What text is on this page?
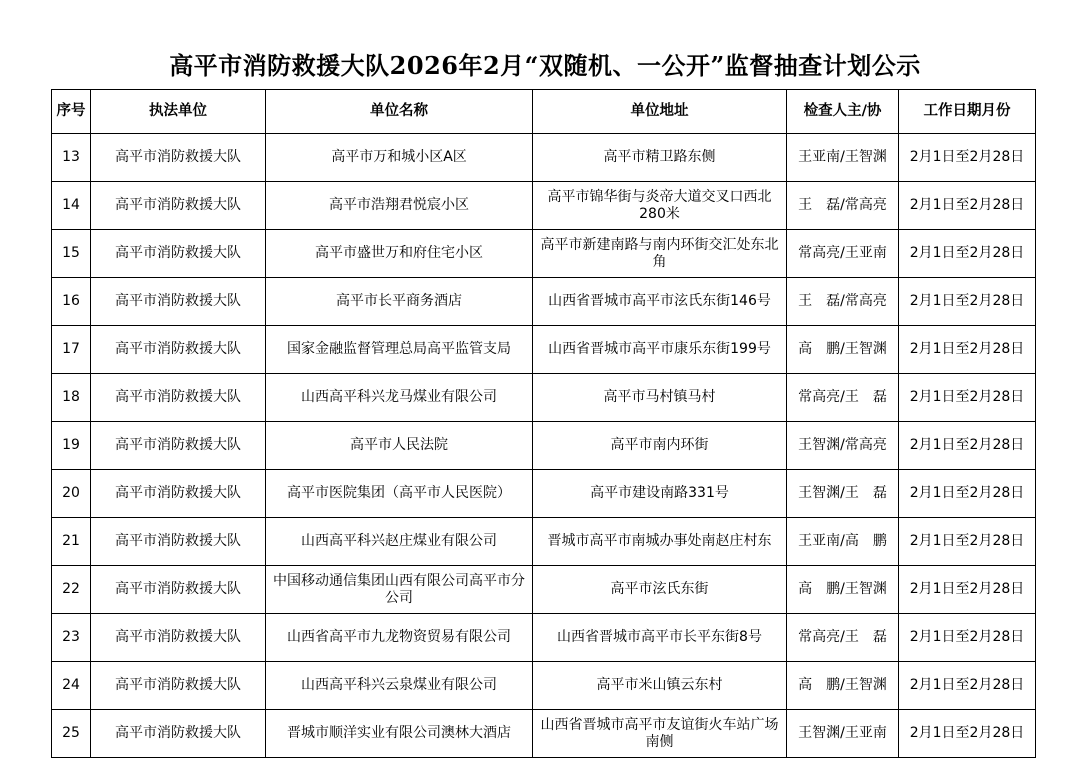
高平市消防救援大队2026年2月“双随机、一公开”监督抽查计划公示
序号	执法单位	单位名称	单位地址	检查人主/协	工作日期月份
13	高平市消防救援大队	高平市万和城小区A区	高平市精卫路东侧	王亚南/王智渊	2月1日至2月28日
14	高平市消防救援大队	高平市浩翔君悦宸小区	高平市锦华街与炎帝大道交叉口西北280米	王　磊/常高亮	2月1日至2月28日
15	高平市消防救援大队	高平市盛世万和府住宅小区	高平市新建南路与南内环街交汇处东北角	常高亮/王亚南	2月1日至2月28日
16	高平市消防救援大队	高平市长平商务酒店	山西省晋城市高平市泫氏东街146号	王　磊/常高亮	2月1日至2月28日
17	高平市消防救援大队	国家金融监督管理总局高平监管支局	山西省晋城市高平市康乐东街199号	高　鹏/王智渊	2月1日至2月28日
18	高平市消防救援大队	山西高平科兴龙马煤业有限公司	高平市马村镇马村	常高亮/王　磊	2月1日至2月28日
19	高平市消防救援大队	高平市人民法院	高平市南内环街	王智渊/常高亮	2月1日至2月28日
20	高平市消防救援大队	高平市医院集团（高平市人民医院）	高平市建设南路331号	王智渊/王　磊	2月1日至2月28日
21	高平市消防救援大队	山西高平科兴赵庄煤业有限公司	晋城市高平市南城办事处南赵庄村东	王亚南/高　鹏	2月1日至2月28日
22	高平市消防救援大队	中国移动通信集团山西有限公司高平市分公司	高平市泫氏东街	高　鹏/王智渊	2月1日至2月28日
23	高平市消防救援大队	山西省高平市九龙物资贸易有限公司	山西省晋城市高平市长平东街8号	常高亮/王　磊	2月1日至2月28日
24	高平市消防救援大队	山西高平科兴云泉煤业有限公司	高平市米山镇云东村	高　鹏/王智渊	2月1日至2月28日
25	高平市消防救援大队	晋城市顺洋实业有限公司澳林大酒店	山西省晋城市高平市友谊街火车站广场南侧	王智渊/王亚南	2月1日至2月28日
